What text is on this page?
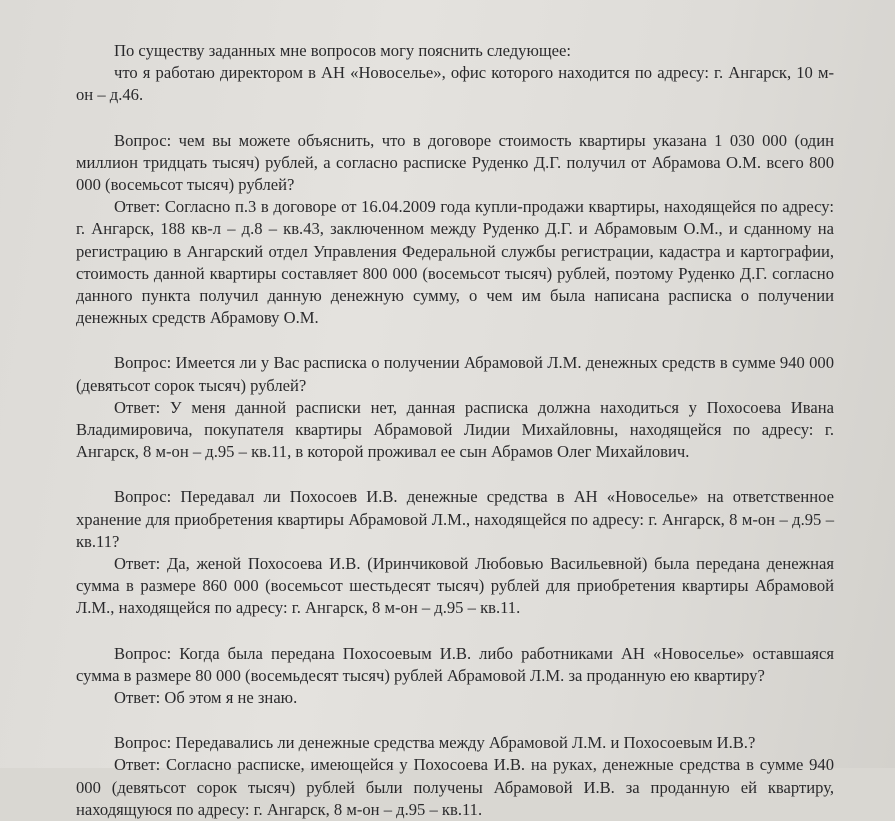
По существу заданных мне вопросов могу пояснить следующее:

что я работаю директором в АН «Новоселье», офис которого находится по адресу: г. Ангарск, 10 м-он – д.46.

Вопрос: чем вы можете объяснить, что в договоре стоимость квартиры указана 1 030 000 (один миллион тридцать тысяч) рублей, а согласно расписке Руденко Д.Г. получил от Абрамова О.М. всего 800 000 (восемьсот тысяч) рублей?

Ответ: Согласно п.3 в договоре от 16.04.2009 года купли-продажи квартиры, находящейся по адресу: г. Ангарск, 188 кв-л – д.8 – кв.43, заключенном между Руденко Д.Г. и Абрамовым О.М., и сданному на регистрацию в Ангарский отдел Управления Федеральной службы регистрации, кадастра и картографии, стоимость данной квартиры составляет 800 000 (восемьсот тысяч) рублей, поэтому Руденко Д.Г. согласно данного пункта получил данную денежную сумму, о чем им была написана расписка о получении денежных средств Абрамову О.М.

Вопрос: Имеется ли у Вас расписка о получении Абрамовой Л.М. денежных средств в сумме 940 000 (девятьсот сорок тысяч) рублей?

Ответ: У меня данной расписки нет, данная расписка должна находиться у Похосоева Ивана Владимировича, покупателя квартиры Абрамовой Лидии Михайловны, находящейся по адресу: г. Ангарск, 8 м-он – д.95 – кв.11, в которой проживал ее сын Абрамов Олег Михайлович.

Вопрос: Передавал ли Похосоев И.В. денежные средства в АН «Новоселье» на ответственное хранение для приобретения квартиры Абрамовой Л.М., находящейся по адресу: г. Ангарск, 8 м-он – д.95 – кв.11?

Ответ: Да, женой Похосоева И.В. (Иринчиковой Любовью Васильевной) была передана денежная сумма в размере 860 000 (восемьсот шестьдесят тысяч) рублей для приобретения квартиры Абрамовой Л.М., находящейся по адресу: г. Ангарск, 8 м-он – д.95 – кв.11.

Вопрос: Когда была передана Похосоевым И.В. либо работниками АН «Новоселье» оставшаяся сумма в размере 80 000 (восемьдесят тысяч) рублей Абрамовой Л.М. за проданную ею квартиру?

Ответ: Об этом я не знаю.

Вопрос: Передавались ли денежные средства между Абрамовой Л.М. и Похосоевым И.В.?

Ответ: Согласно расписке, имеющейся у Похосоева И.В. на руках, денежные средства в сумме 940 000 (девятьсот сорок тысяч) рублей были получены Абрамовой И.В. за проданную ей квартиру, находящуюся по адресу: г. Ангарск, 8 м-он – д.95 – кв.11.
